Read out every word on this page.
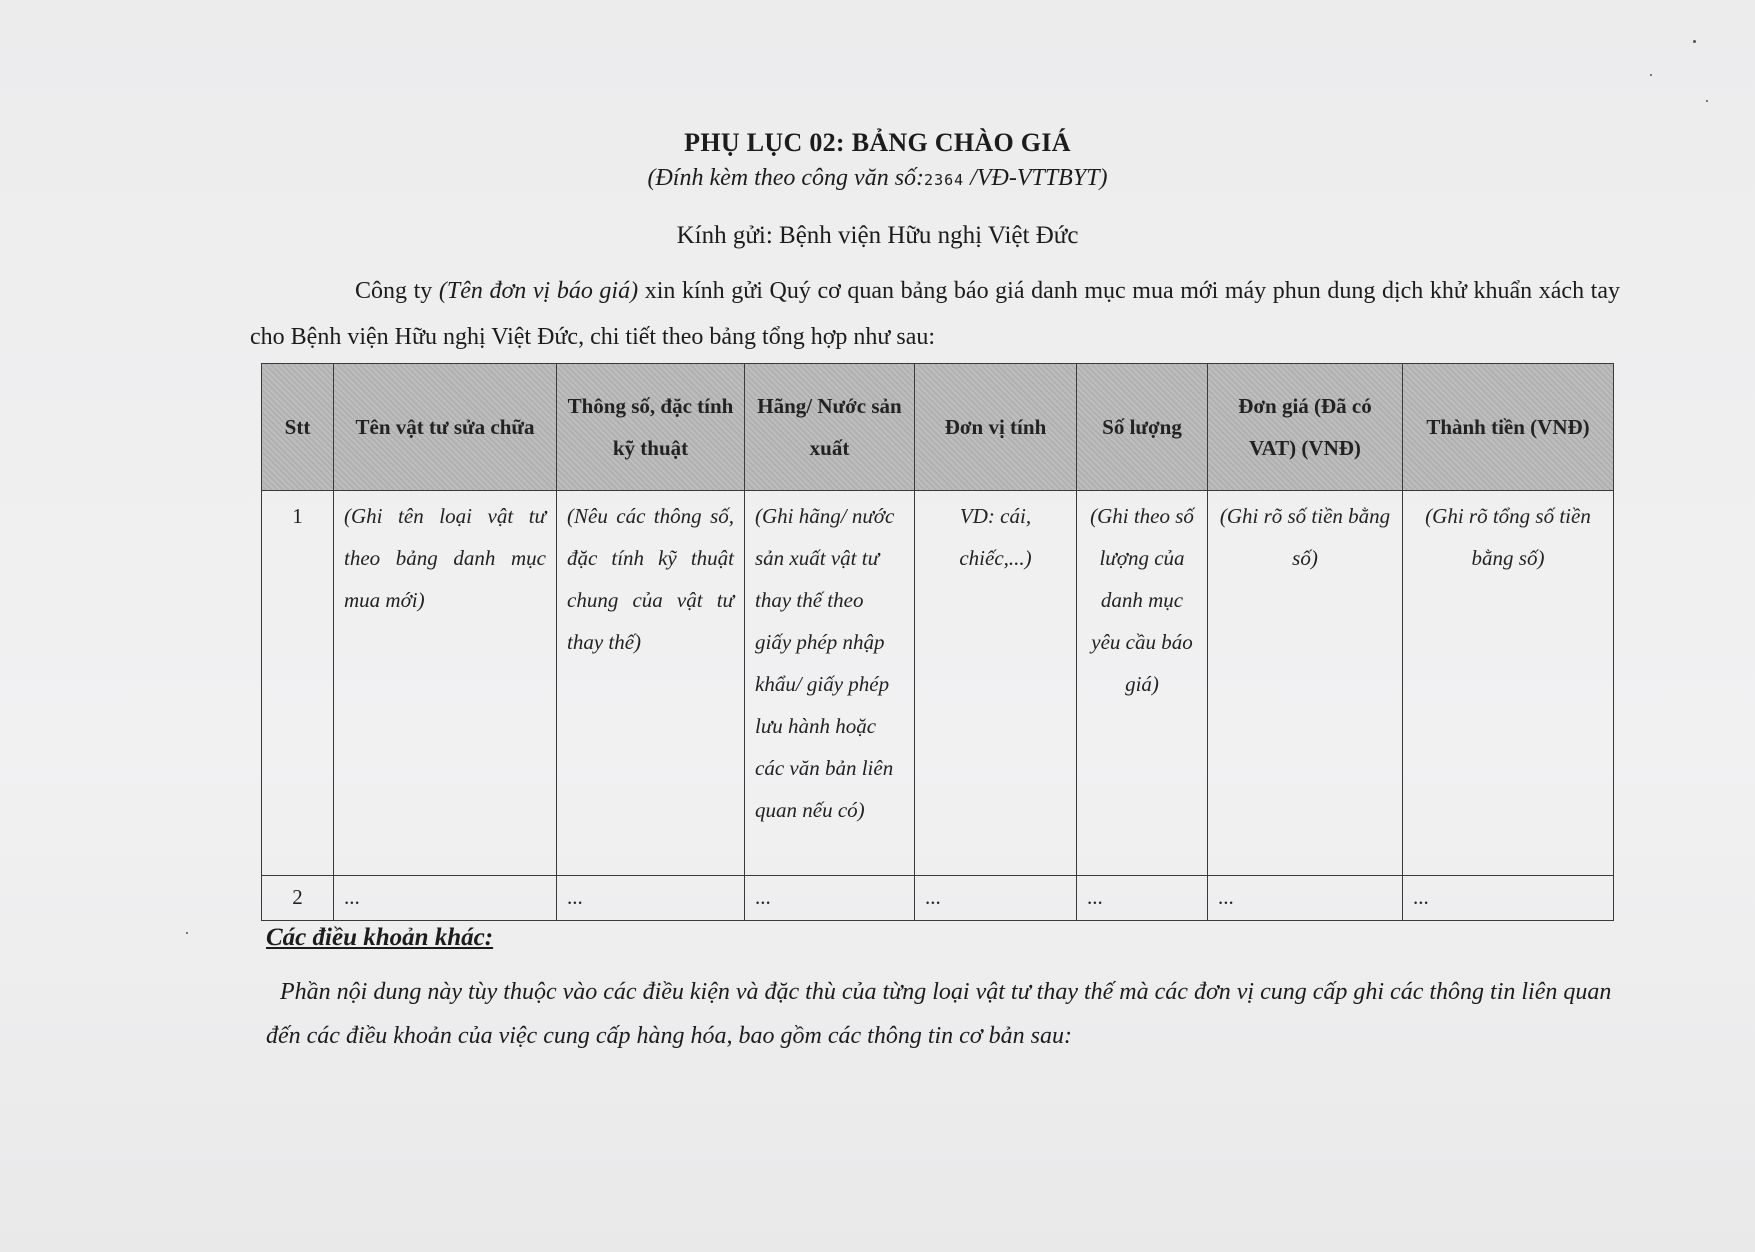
PHỤ LỤC 02: BẢNG CHÀO GIÁ
(Đính kèm theo công văn số:2364 /VĐ-VTTBYT)
Kính gửi: Bệnh viện Hữu nghị Việt Đức
Công ty (Tên đơn vị báo giá) xin kính gửi Quý cơ quan bảng báo giá danh mục mua mới máy phun dung dịch khử khuẩn xách tay cho Bệnh viện Hữu nghị Việt Đức, chi tiết theo bảng tổng hợp như sau:
Stt	Tên vật tư sửa chữa	Thông số, đặc tính kỹ thuật	Hãng/ Nước sản xuất	Đơn vị tính	Số lượng	Đơn giá (Đã có VAT) (VNĐ)	Thành tiền (VNĐ)
1	(Ghi tên loại vật tư theo bảng danh mục mua mới)	(Nêu các thông số, đặc tính kỹ thuật chung của vật tư thay thế)	(Ghi hãng/ nước sản xuất vật tư thay thế theo giấy phép nhập khẩu/ giấy phép lưu hành hoặc các văn bản liên quan nếu có)	VD: cái, chiếc,...)	(Ghi theo số lượng của danh mục yêu cầu báo giá)	(Ghi rõ số tiền bằng số)	(Ghi rõ tổng số tiền bằng số)
2	...	...	...	...	...	...	...
Các điều khoản khác:
Phần nội dung này tùy thuộc vào các điều kiện và đặc thù của từng loại vật tư thay thế mà các đơn vị cung cấp ghi các thông tin liên quan đến các điều khoản của việc cung cấp hàng hóa, bao gồm các thông tin cơ bản sau:
